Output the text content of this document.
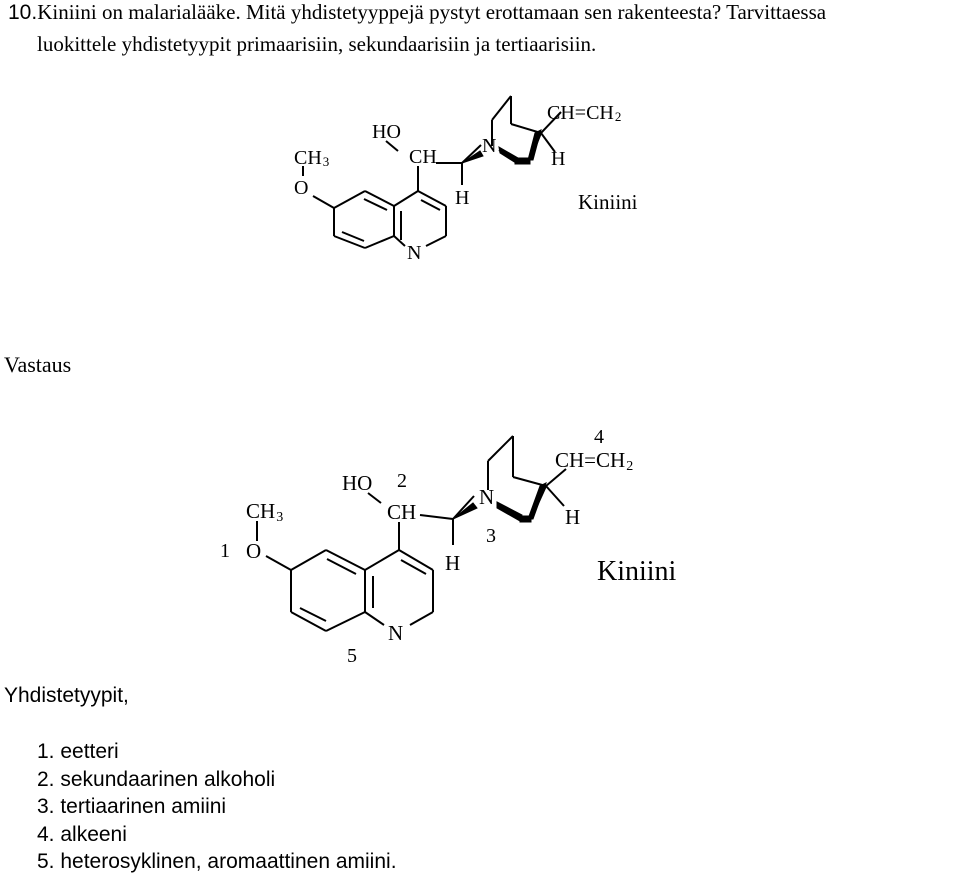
10.Kiniini on malarialääke. Mitä yhdistetyyppejä pystyt erottamaan sen rakenteesta? Tarvittaessa
luokittele yhdistetyypit primaarisiin, sekundaarisiin ja tertiaarisiin.
CH3
O
HO
CH N
H
H
CH=CH2
N
Kiniini
CH3
O
HO
CH
N
H
H
CH=CH2
N
Kiniini
1
2
3
4
5
Vastaus
Yhdistetyypit,
1. eetteri
2. sekundaarinen alkoholi
3. tertiaarinen amiini
4. alkeeni
5. heterosyklinen, aromaattinen amiini.
